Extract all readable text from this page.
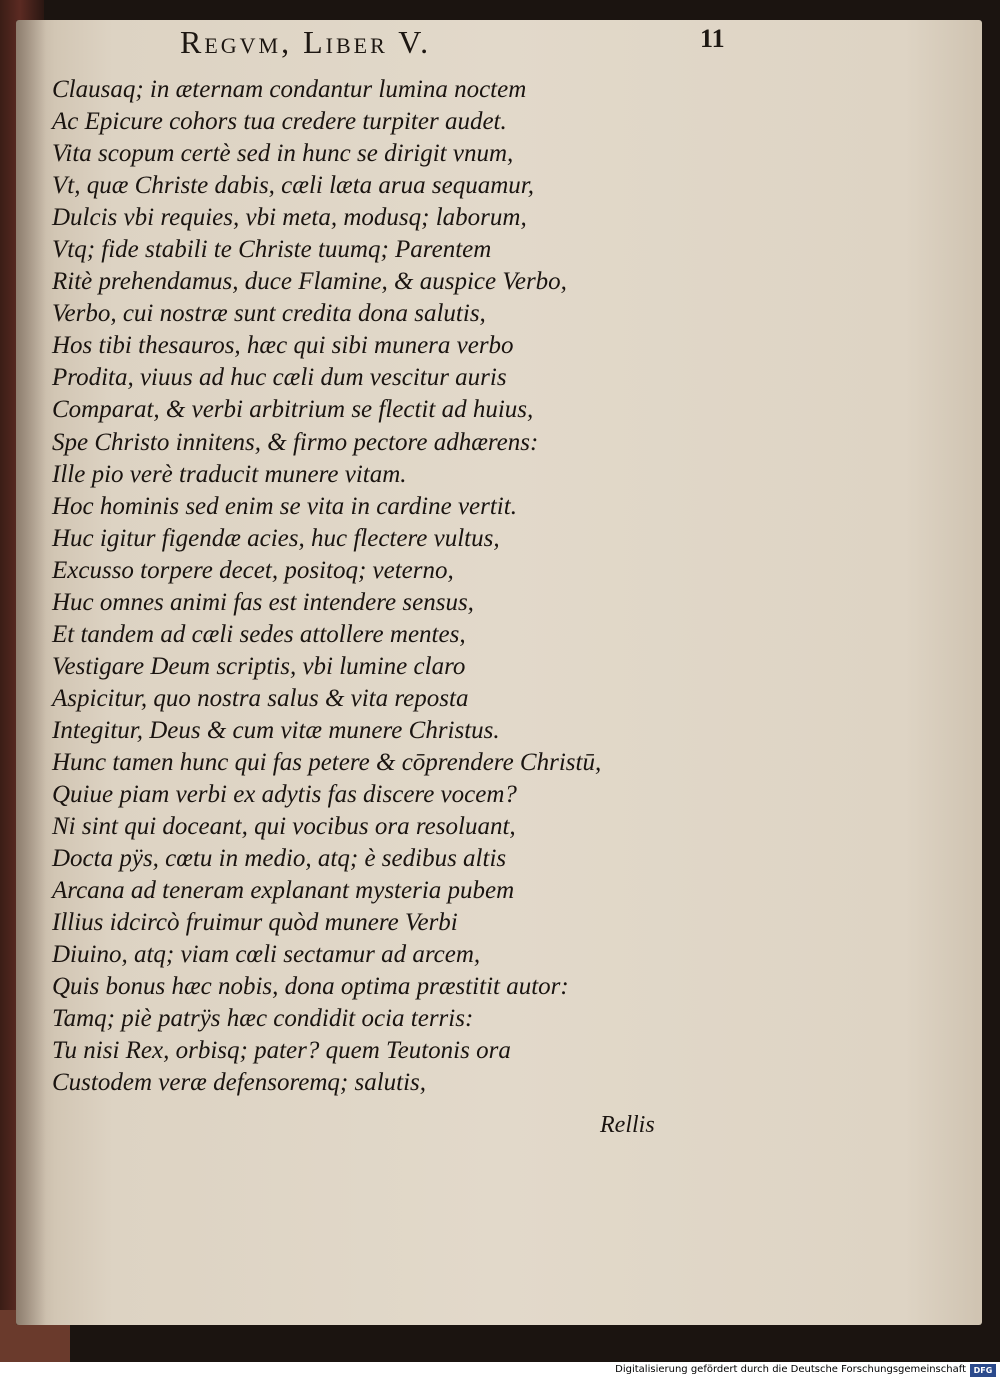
Regvm, Liber V.	11
Clausaq; in æternam condantur lumina noctem
Ac Epicure cohors tua credere turpiter audet.
Vita scopum certè sed in hunc se dirigit vnum,
Vt, quæ Christe dabis, cæli læta arua sequamur,
Dulcis vbi requies, vbi meta, modusq; laborum,
Vtq; fide stabili te Christe tuumq; Parentem
Ritè prehendamus, duce Flamine, & auspice Verbo,
Verbo, cui nostræ sunt credita dona salutis,
Hos tibi thesauros, hæc qui sibi munera verbo
Prodita, viuus ad huc cæli dum vescitur auris
Comparat, & verbi arbitrium se flectit ad huius,
Spe Christo innitens, & firmo pectore adhærens:
Ille pio verè traducit munere vitam.
Hoc hominis sed enim se vita in cardine vertit.
Huc igitur figendæ acies, huc flectere vultus,
Excusso torpere decet, positoq; veterno,
Huc omnes animi fas est intendere sensus,
Et tandem ad cæli sedes attollere mentes,
Vestigare Deum scriptis, vbi lumine claro
Aspicitur, quo nostra salus & vita reposta
Integitur, Deus & cum vitæ munere Christus.
Hunc tamen hunc qui fas petere & cōprendere Christū,
Quiue piam verbi ex adytis fas discere vocem?
Ni sint qui doceant, qui vocibus ora resoluant,
Docta pÿs, cœtu in medio, atq; è sedibus altis
Arcana ad teneram explanant mysteria pubem
Illius idcircò fruimur quòd munere Verbi
Diuino, atq; viam cœli sectamur ad arcem,
Quis bonus hæc nobis, dona optima præstitit autor:
Tamq; piè patrÿs hæc condidit ocia terris:
Tu nisi Rex, orbisq; pater? quem Teutonis ora
Custodem veræ defensoremq; salutis,
Rellis
Digitalisierung gefördert durch die Deutsche Forschungsgemeinschaft DFG
